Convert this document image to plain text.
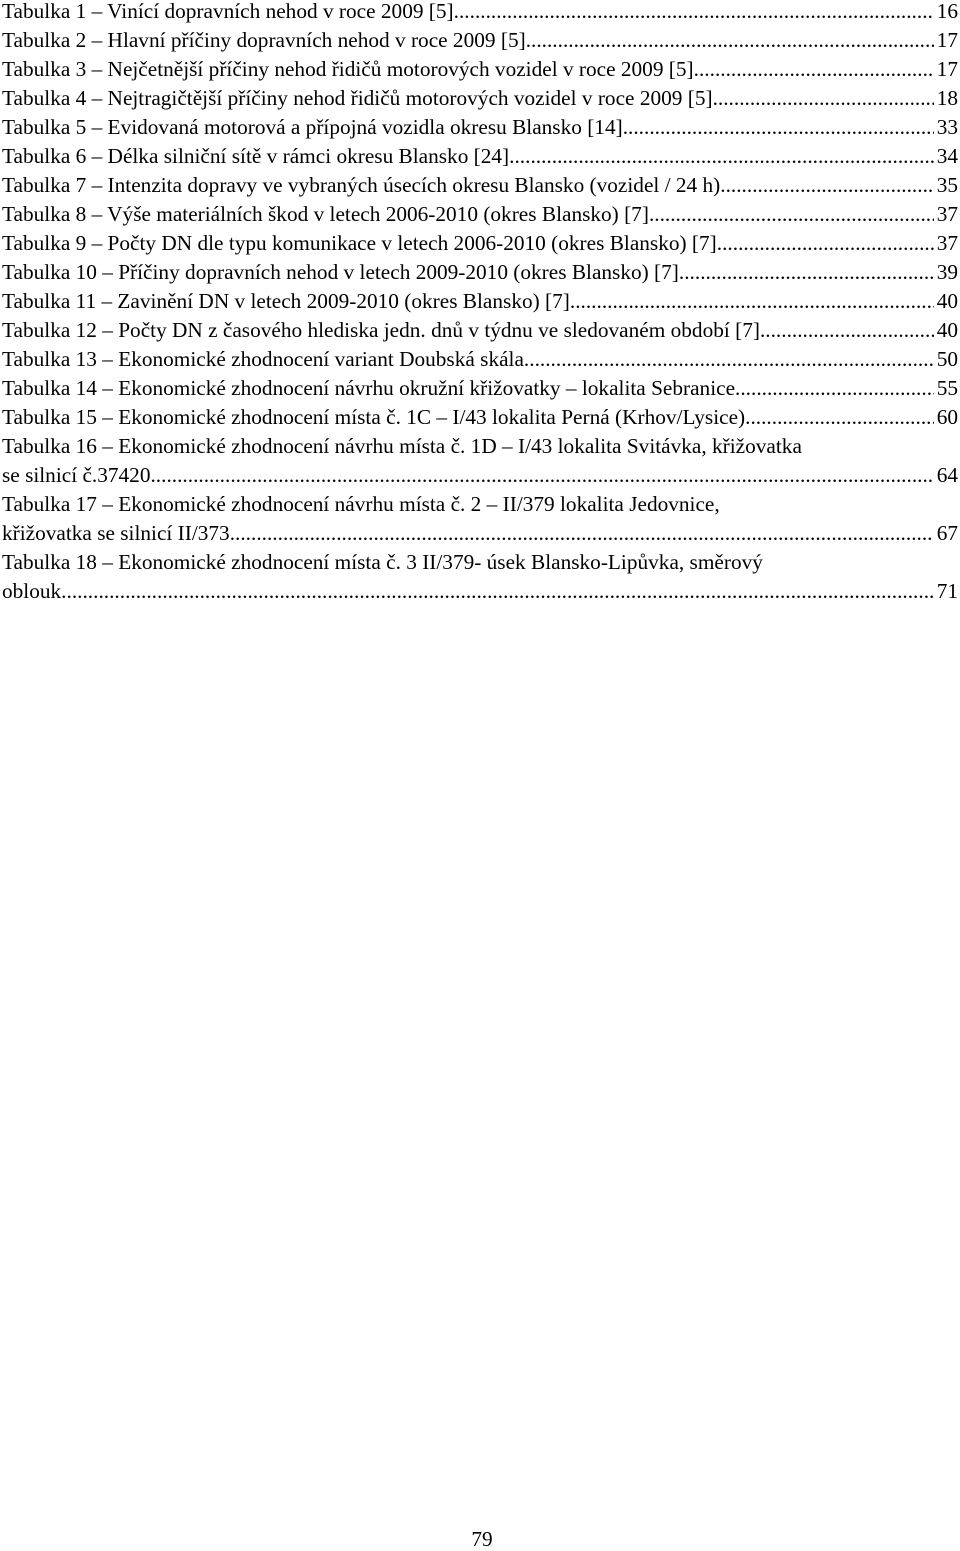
Tabulka 1 – Vinící dopravních nehod v roce 2009 [5] .....	16
Tabulka 2 – Hlavní příčiny dopravních nehod v roce 2009 [5] .....	17
Tabulka 3 – Nejčetnější příčiny nehod řidičů motorových vozidel v roce 2009 [5] .....	17
Tabulka 4 – Nejtragičtější příčiny nehod řidičů motorových vozidel v roce 2009 [5] .....	18
Tabulka 5 – Evidovaná motorová a přípojná vozidla okresu Blansko [14] .....	33
Tabulka 6 – Délka silniční sítě v rámci okresu Blansko [24] .....	34
Tabulka 7 – Intenzita dopravy ve vybraných úsecích okresu Blansko (vozidel / 24 h) .....	35
Tabulka 8 – Výše materiálních škod v letech 2006-2010 (okres Blansko) [7] .....	37
Tabulka 9 – Počty DN dle typu komunikace v letech 2006-2010 (okres Blansko) [7] .....	37
Tabulka 10 – Příčiny dopravních nehod v letech 2009-2010 (okres Blansko) [7] .....	39
Tabulka 11 – Zavinění DN v letech 2009-2010 (okres Blansko) [7] .....	40
Tabulka 12 – Počty DN z časového hlediska jedn. dnů v týdnu ve sledovaném období [7] .....	40
Tabulka 13 – Ekonomické zhodnocení variant Doubská skála .....	50
Tabulka 14 – Ekonomické zhodnocení návrhu okružní křižovatky – lokalita Sebranice .....	55
Tabulka 15 – Ekonomické zhodnocení místa č. 1C – I/43 lokalita Perná (Krhov/Lysice) .....	60
Tabulka 16 – Ekonomické zhodnocení návrhu místa č. 1D – I/43 lokalita Svitávka, křižovatka
se silnicí č.37420 .....	64
Tabulka 17 – Ekonomické zhodnocení návrhu místa č. 2 – II/379 lokalita Jedovnice,
křižovatka se silnicí II/373 .....	67
Tabulka 18 – Ekonomické zhodnocení místa č. 3 II/379- úsek Blansko-Lipůvka, směrový
oblouk .....	71
79
